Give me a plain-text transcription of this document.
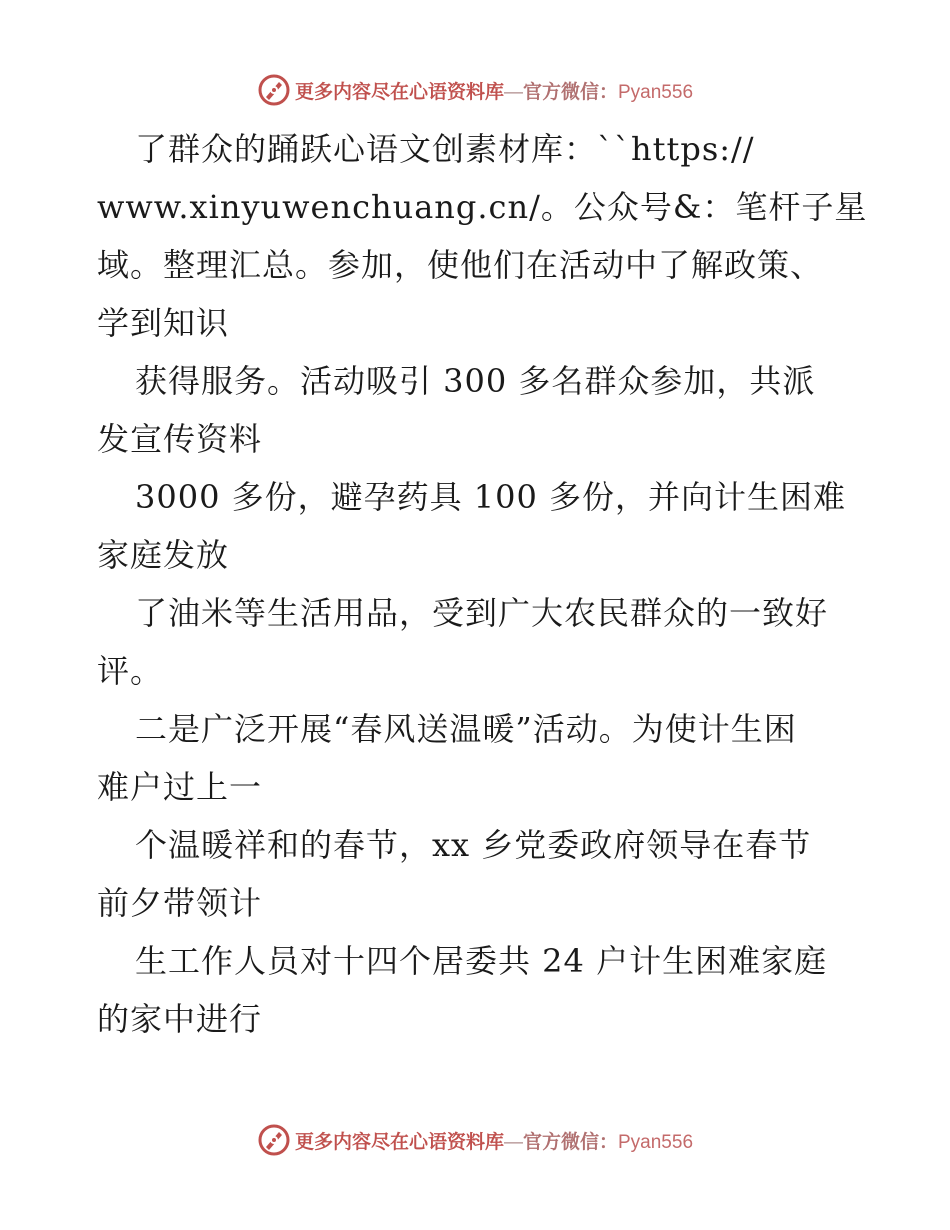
更多内容尽在心语资料库 — 官方微信： Pyan556
了群众的踊跃心语文创素材库：``https://
www.xinyuwenchuang.cn/。公众号&：笔杆子星
域。整理汇总。参加，使他们在活动中了解政策、
学到知识
获得服务。活动吸引 300 多名群众参加，共派
发宣传资料
3000 多份，避孕药具 100 多份，并向计生困难
家庭发放
了油米等生活用品，受到广大农民群众的一致好
评。
二是广泛开展“春风送温暖”活动。为使计生困
难户过上一
个温暖祥和的春节，xx 乡党委政府领导在春节
前夕带领计
生工作人员对十四个居委共 24 户计生困难家庭
的家中进行
更多内容尽在心语资料库 — 官方微信： Pyan556
